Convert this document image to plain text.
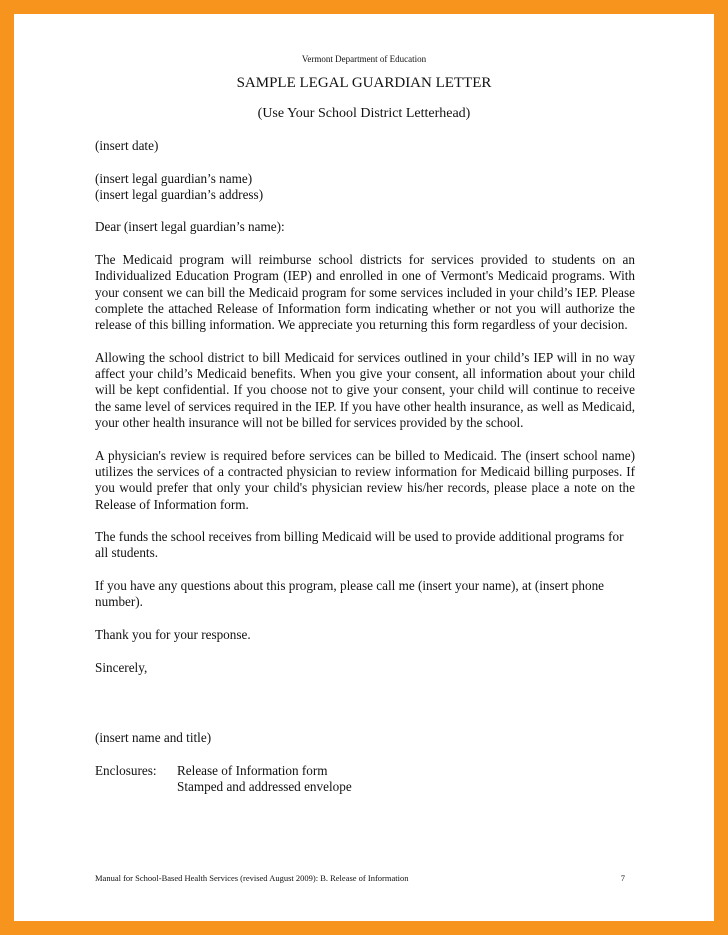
Vermont Department of Education
SAMPLE LEGAL GUARDIAN LETTER
(Use Your School District Letterhead)

(insert date)

(insert legal guardian’s name)
(insert legal guardian’s address)

Dear (insert legal guardian’s name):

The Medicaid program will reimburse school districts for services provided to students on an Individualized Education Program (IEP) and enrolled in one of Vermont's Medicaid programs. With your consent we can bill the Medicaid program for some services included in your child’s IEP. Please complete the attached Release of Information form indicating whether or not you will authorize the release of this billing information. We appreciate you returning this form regardless of your decision.

Allowing the school district to bill Medicaid for services outlined in your child’s IEP will in no way affect your child’s Medicaid benefits. When you give your consent, all information about your child will be kept confidential. If you choose not to give your consent, your child will continue to receive the same level of services required in the IEP. If you have other health insurance, as well as Medicaid, your other health insurance will not be billed for services provided by the school.

A physician's review is required before services can be billed to Medicaid. The (insert school name) utilizes the services of a contracted physician to review information for Medicaid billing purposes. If you would prefer that only your child's physician review his/her records, please place a note on the Release of Information form.

The funds the school receives from billing Medicaid will be used to provide additional programs for all students.

If you have any questions about this program, please call me (insert your name), at (insert phone number).

Thank you for your response.

Sincerely,

(insert name and title)

Enclosures:	Release of Information form
Stamped and addressed envelope
Manual for School-Based Health Services (revised August 2009): B. Release of Information	7
